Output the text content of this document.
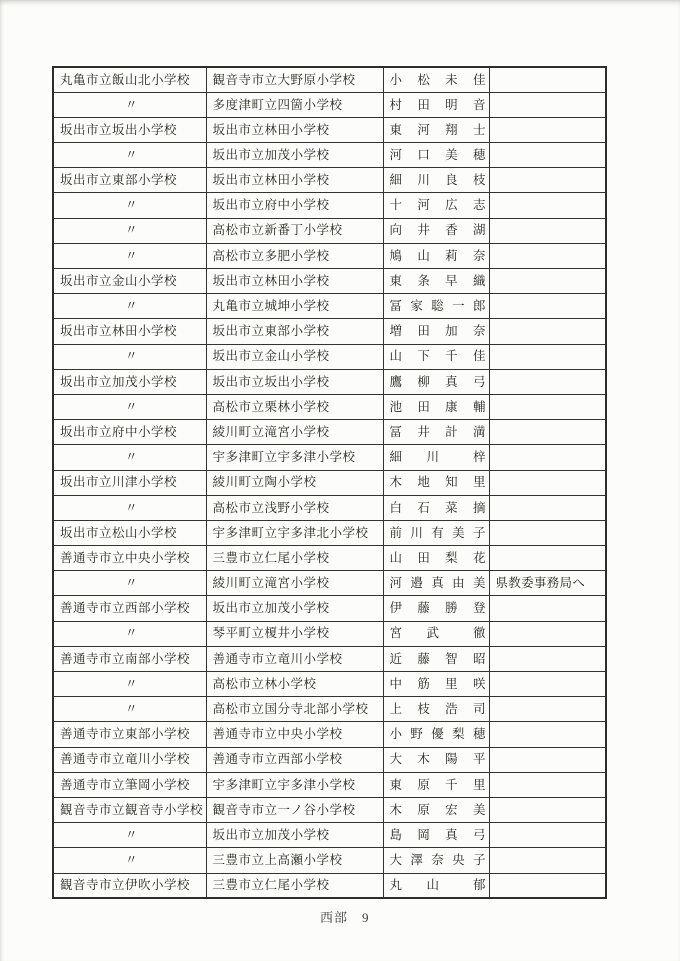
丸亀市立飯山北小学校	観音寺市立大野原小学校	小 松 未 佳	
〃	多度津町立四箇小学校	村 田 明 音	
坂出市立坂出小学校	坂出市立林田小学校	東 河 翔 士	
〃	坂出市立加茂小学校	河 口 美 穂	
坂出市立東部小学校	坂出市立林田小学校	細 川 良 枝	
〃	坂出市立府中小学校	十 河 広 志	
〃	高松市立新番丁小学校	向 井 香 湖	
〃	高松市立多肥小学校	鳩 山 莉 奈	
坂出市立金山小学校	坂出市立林田小学校	東 条 早 織	
〃	丸亀市立城坤小学校	冨 家 聡 一 郎	
坂出市立林田小学校	坂出市立東部小学校	増 田 加 奈	
〃	坂出市立金山小学校	山 下 千 佳	
坂出市立加茂小学校	坂出市立坂出小学校	鷹 柳 真 弓	
〃	高松市立栗林小学校	池 田 康 輔	
坂出市立府中小学校	綾川町立滝宮小学校	冨 井 計 満	
〃	宇多津町立宇多津小学校	細 川　梓	
坂出市立川津小学校	綾川町立陶小学校	木 地 知 里	
〃	高松市立浅野小学校	白 石 菜 摘	
坂出市立松山小学校	宇多津町立宇多津北小学校	前 川 有 美 子	
善通寺市立中央小学校	三豊市立仁尾小学校	山 田 梨 花	
〃	綾川町立滝宮小学校	河 邉 真 由 美	県教委事務局へ
善通寺市立西部小学校	坂出市立加茂小学校	伊 藤 勝 登	
〃	琴平町立榎井小学校	宮 武　徹	
善通寺市立南部小学校	善通寺市立竜川小学校	近 藤 智 昭	
〃	高松市立林小学校	中 筋 里 咲	
〃	高松市立国分寺北部小学校	上 枝 浩 司	
善通寺市立東部小学校	善通寺市立中央小学校	小 野 優 梨 穂	
善通寺市立竜川小学校	善通寺市立西部小学校	大 木 陽 平	
善通寺市立筆岡小学校	宇多津町立宇多津小学校	東 原 千 里	
観音寺市立観音寺小学校	観音寺市立一ノ谷小学校	木 原 宏 美	
〃	坂出市立加茂小学校	島 岡 真 弓	
〃	三豊市立上高瀬小学校	大 澤 奈 央 子	
観音寺市立伊吹小学校	三豊市立仁尾小学校	丸 山　郁	
西部 9
